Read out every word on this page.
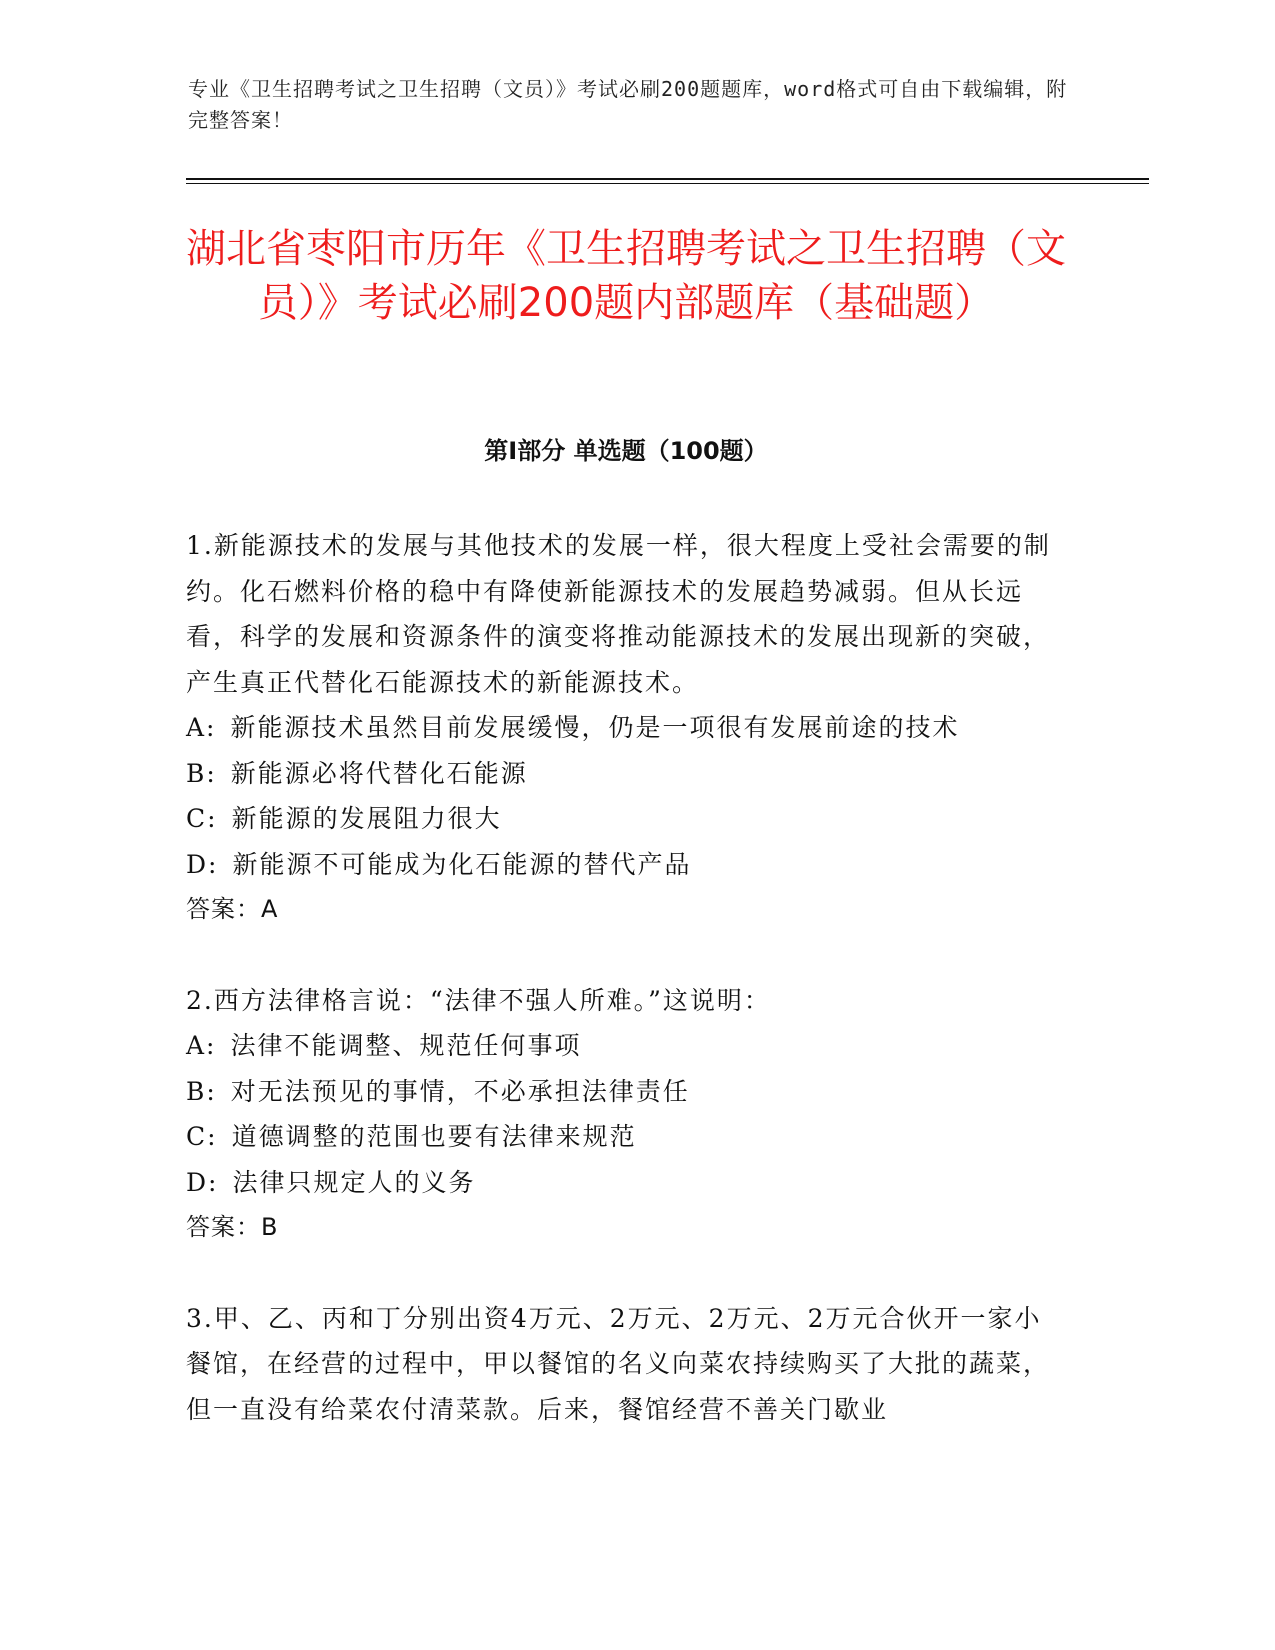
专业《卫生招聘考试之卫生招聘（文员）》考试必刷200题题库，word格式可自由下载编辑，附完整答案！
湖北省枣阳市历年《卫生招聘考试之卫生招聘（文员）》考试必刷200题内部题库（基础题）
第I部分 单选题（100题）

1.新能源技术的发展与其他技术的发展一样，很大程度上受社会需要的制约。化石燃料价格的稳中有降使新能源技术的发展趋势减弱。但从长远看，科学的发展和资源条件的演变将推动能源技术的发展出现新的突破，产生真正代替化石能源技术的新能源技术。

A: 新能源技术虽然目前发展缓慢，仍是一项很有发展前途的技术

B: 新能源必将代替化石能源

C: 新能源的发展阻力很大

D: 新能源不可能成为化石能源的替代产品

答案：A

2.西方法律格言说：“法律不强人所难。”这说明：

A: 法律不能调整、规范任何事项

B: 对无法预见的事情，不必承担法律责任

C: 道德调整的范围也要有法律来规范

D: 法律只规定人的义务

答案：B

3.甲、乙、丙和丁分别出资4万元、2万元、2万元、2万元合伙开一家小餐馆，在经营的过程中，甲以餐馆的名义向菜农持续购买了大批的蔬菜，但一直没有给菜农付清菜款。后来，餐馆经营不善关门歇业
